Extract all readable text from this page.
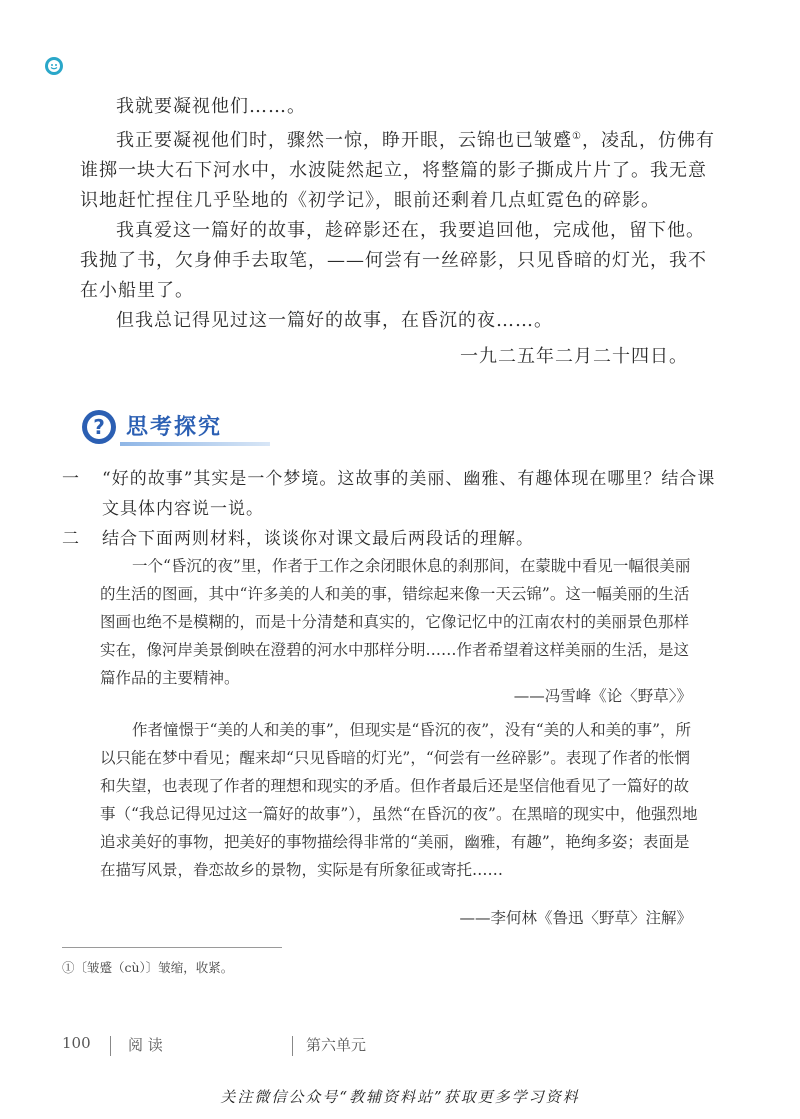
我就要凝视他们……。

我正要凝视他们时，骤然一惊，睁开眼，云锦也已皱蹙①，凌乱，仿佛有谁掷一块大石下河水中，水波陡然起立，将整篇的影子撕成片片了。我无意识地赶忙捏住几乎坠地的《初学记》，眼前还剩着几点虹霓色的碎影。

我真爱这一篇好的故事，趁碎影还在，我要追回他，完成他，留下他。我抛了书，欠身伸手去取笔，——何尝有一丝碎影，只见昏暗的灯光，我不在小船里了。

但我总记得见过这一篇好的故事，在昏沉的夜……。

一九二五年二月二十四日。
? 思考探究
一	“好的故事”其实是一个梦境。这故事的美丽、幽雅、有趣体现在哪里？结合课文具体内容说一说。
二	结合下面两则材料，谈谈你对课文最后两段话的理解。

一个“昏沉的夜”里，作者于工作之余闭眼休息的刹那间，在蒙眬中看见一幅很美丽的生活的图画，其中“许多美的人和美的事，错综起来像一天云锦”。这一幅美丽的生活图画也绝不是模糊的，而是十分清楚和真实的，它像记忆中的江南农村的美丽景色那样实在，像河岸美景倒映在澄碧的河水中那样分明……作者希望着这样美丽的生活，是这篇作品的主要精神。

——冯雪峰《论〈野草〉》

作者憧憬于“美的人和美的事”，但现实是“昏沉的夜”，没有“美的人和美的事”，所以只能在梦中看见；醒来却“只见昏暗的灯光”，“何尝有一丝碎影”。表现了作者的怅惘和失望，也表现了作者的理想和现实的矛盾。但作者最后还是坚信他看见了一篇好的故事（“我总记得见过这一篇好的故事”），虽然“在昏沉的夜”。在黑暗的现实中，他强烈地追求美好的事物，把美好的事物描绘得非常的“美丽，幽雅，有趣”，艳绚多姿；表面是在描写风景，眷恋故乡的景物，实际是有所象征或寄托……

——李何林《鲁迅〈野草〉注解》
①〔皱蹙（cù）〕皱缩，收紧。
100 阅 读	第六单元
关注微信公众号“教辅资料站”获取更多学习资料
